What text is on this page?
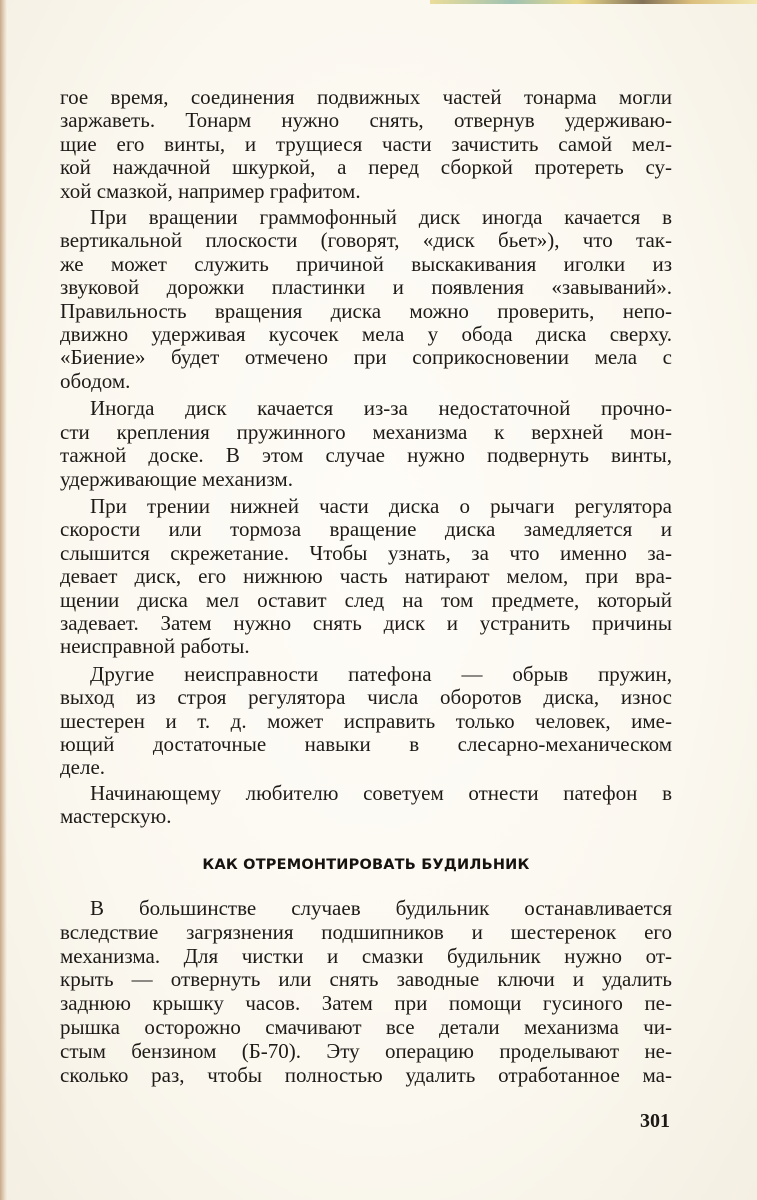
гое время, соединения подвижных частей тонарма могли
заржаветь. Тонарм нужно снять, отвернув удерживаю-
щие его винты, и трущиеся части зачистить самой мел-
кой наждачной шкуркой, а перед сборкой протереть су-
хой смазкой, например графитом.

При вращении граммофонный диск иногда качается в
вертикальной плоскости (говорят, «диск бьет»), что так-
же может служить причиной выскакивания иголки из
звуковой дорожки пластинки и появления «завываний».
Правильность вращения диска можно проверить, непо-
движно удерживая кусочек мела у обода диска сверху.
«Биение» будет отмечено при соприкосновении мела с
ободом.

Иногда диск качается из-за недостаточной прочно-
сти крепления пружинного механизма к верхней мон-
тажной доске. В этом случае нужно подвернуть винты,
удерживающие механизм.

При трении нижней части диска о рычаги регулятора
скорости или тормоза вращение диска замедляется и
слышится скрежетание. Чтобы узнать, за что именно за-
девает диск, его нижнюю часть натирают мелом, при вра-
щении диска мел оставит след на том предмете, который
задевает. Затем нужно снять диск и устранить причины
неисправной работы.

Другие неисправности патефона — обрыв пружин,
выход из строя регулятора числа оборотов диска, износ
шестерен и т. д. может исправить только человек, име-
ющий достаточные навыки в слесарно-механическом
деле.

Начинающему любителю советуем отнести патефон в
мастерскую.

КАК ОТРЕМОНТИРОВАТЬ БУДИЛЬНИК

В большинстве случаев будильник останавливается
вследствие загрязнения подшипников и шестеренок его
механизма. Для чистки и смазки будильник нужно от-
крыть — отвернуть или снять заводные ключи и удалить
заднюю крышку часов. Затем при помощи гусиного пе-
рышка осторожно смачивают все детали механизма чи-
стым бензином (Б-70). Эту операцию проделывают не-
сколько раз, чтобы полностью удалить отработанное ма-

301
